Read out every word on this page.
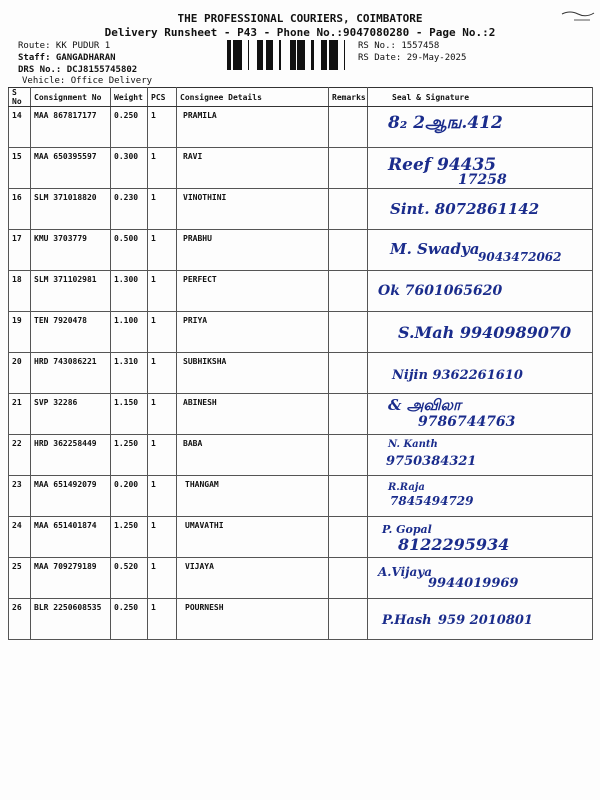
THE PROFESSIONAL COURIERS, COIMBATORE
Delivery Runsheet - P43 - Phone No.:9047080280 - Page No.:2
Route: KK PUDUR 1
Staff: GANGADHARAN
DRS No.: DCJ8155745802
Vehicle: Office Delivery
RS No.: 1557458
RS Date: 29-May-2025
S No	Consignment No	Weight	PCS	Consignee Details	Remarks	Seal & Signature
14	MAA 867817177	0.250	1	PRAMILA		8₂ 2ஆங.412

15	MAA 650395597	0.300	1	RAVI		Reef 94435
17258

16	SLM 371018820	0.230	1	VINOTHINI		Sint. 8072861142

17	KMU 3703779	0.500	1	PRABHU		M. Swadya
9043472062

18	SLM 371102981	1.300	1	PERFECT		Ok 7601065620

19	TEN 7920478	1.100	1	PRIYA		S.Mah 9940989070

20	HRD 743086221	1.310	1	SUBHIKSHA		Nijin 9362261610

21	SVP 32286	1.150	1	ABINESH		& அவிலா
9786744763

22	HRD 362258449	1.250	1	BABA		N. Kanth
9750384321

23	MAA 651492079	0.200	1	THANGAM		R.Raja
7845494729

24	MAA 651401874	1.250	1	UMAVATHI		P. Gopal
8122295934

25	MAA 709279189	0.520	1	VIJAYA		A.Vijaya
9944019969

26	BLR 2250608535	0.250	1	POURNESH		P.Hash 959 2010801
